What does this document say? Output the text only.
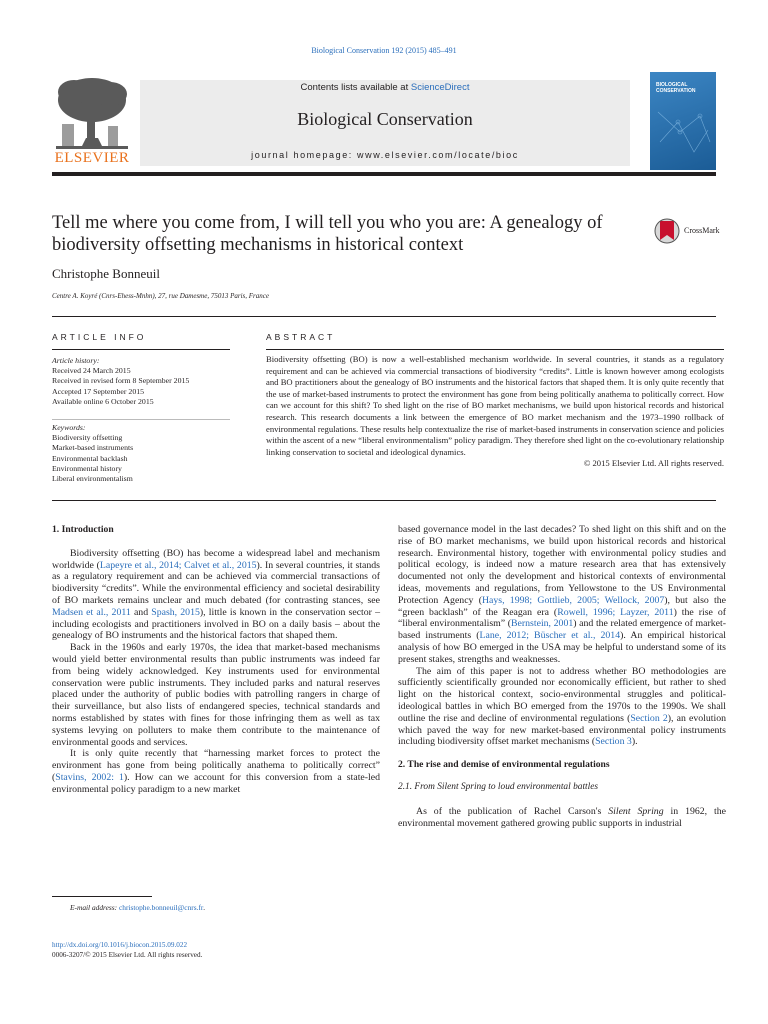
Biological Conservation 192 (2015) 485–491
ELSEVIER
Contents lists available at ScienceDirect
Biological Conservation
journal homepage: www.elsevier.com/locate/bioc
BIOLOGICAL
CONSERVATION
Tell me where you come from, I will tell you who you are: A genealogy of
biodiversity offsetting mechanisms in historical context
CrossMark
Christophe Bonneuil
Centre A. Koyré (Cnrs-Ehess-Mnhn), 27, rue Damesme, 75013 Paris, France
ARTICLE INFO	ABSTRACT
Article history:
Received 24 March 2015
Received in revised form 8 September 2015
Accepted 17 September 2015
Available online 6 October 2015
Keywords:
Biodiversity offsetting
Market-based instruments
Environmental backlash
Environmental history
Liberal environmentalism
Biodiversity offsetting (BO) is now a well-established mechanism worldwide. In several countries, it stands as a regulatory requirement and can be achieved via commercial transactions of biodiversity “credits”. Little is known however among ecologists and BO practitioners about the genealogy of BO instruments and the historical factors that shaped them. It is only quite recently that the use of market-based instruments to protect the environment has gone from being politically anathema to politically correct. How can we account for this shift? To shed light on the rise of BO market mechanisms, we build upon historical records and historical research. This research documents a link between the emergence of BO market mechanism and the 1973–1990 rollback of environmental regulations. These results help contextualize the rise of market-based instruments in conservation science and policies within the ascent of a new “liberal environmentalism” policy paradigm. They therefore shed light on the co-evolutionary relationship linking conservation to societal and ideological dynamics.
© 2015 Elsevier Ltd. All rights reserved.
1. Introduction

Biodiversity offsetting (BO) has become a widespread label and mechanism worldwide (Lapeyre et al., 2014; Calvet et al., 2015). In several countries, it stands as a regulatory requirement and can be achieved via commercial transactions of biodiversity “credits”. While the environmental efficiency and societal desirability of BO markets remains unclear and much debated (for contrasting stances, see Madsen et al., 2011 and Spash, 2015), little is known in the conservation sector – including ecologists and practitioners involved in BO on a daily basis – about the genealogy of BO instruments and the historical factors that shaped them.

Back in the 1960s and early 1970s, the idea that market-based mechanisms would yield better environmental results than public instruments was indeed far from being widely acknowledged. Key instruments used for environmental conservation were public instruments. They included parks and natural reserves placed under the authority of public bodies with patrolling rangers in charge of their surveillance, but also lists of endangered species, technical standards and norms established by states with fines for those infringing them as well as tax systems levying on polluters to make them contribute to the maintenance of environmental goods and services.

It is only quite recently that “harnessing market forces to protect the environment has gone from being politically anathema to politically correct” (Stavins, 2002: 1). How can we account for this conversion from a state-led environmental policy paradigm to a new market

based governance model in the last decades? To shed light on this shift and on the rise of BO market mechanisms, we build upon historical records and historical research. Environmental history, together with environmental policy studies and political ecology, is indeed now a mature research area that has extensively documented not only the development and historical contexts of environmental ideas, movements and regulations, from Yellowstone to the US Environmental Protection Agency (Hays, 1998; Gottlieb, 2005; Wellock, 2007), but also the “green backlash” of the Reagan era (Rowell, 1996; Layzer, 2011) the rise of “liberal environmentalism” (Bernstein, 2001) and the related emergence of market-based instruments (Lane, 2012; Büscher et al., 2014). An empirical historical analysis of how BO emerged in the USA may be helpful to understand some of its present stakes, strengths and weaknesses.

The aim of this paper is not to address whether BO methodologies are sufficiently scientifically grounded nor economically efficient, but rather to shed light on the historical context, socio-environmental struggles and political-ideological battles in which BO emerged from the 1970s to the 1990s. We shall outline the rise and decline of environmental regulations (Section 2), an evolution which paved the way for new market-based environmental policy instruments including biodiversity offset market mechanisms (Section 3).

2. The rise and demise of environmental regulations
2.1. From Silent Spring to loud environmental battles

As of the publication of Rachel Carson's Silent Spring in 1962, the environmental movement gathered growing public supports in industrial

E-mail address: christophe.bonneuil@cnrs.fr.
http://dx.doi.org/10.1016/j.biocon.2015.09.022
0006-3207/© 2015 Elsevier Ltd. All rights reserved.
